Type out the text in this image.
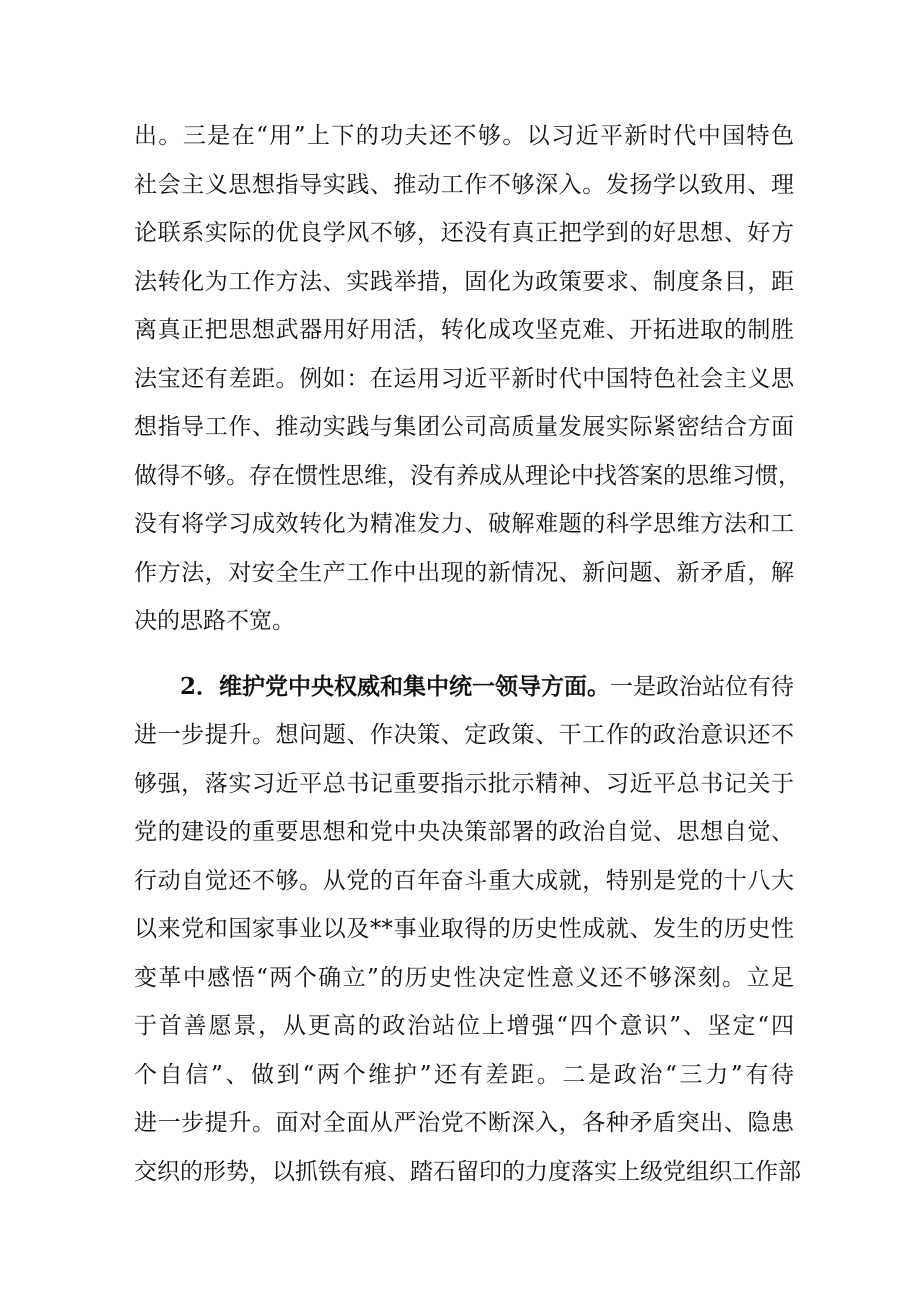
出。三是在“用”上下的功夫还不够。以习近平新时代中国特色
社会主义思想指导实践、推动工作不够深入。发扬学以致用、理
论联系实际的优良学风不够，还没有真正把学到的好思想、好方
法转化为工作方法、实践举措，固化为政策要求、制度条目，距
离真正把思想武器用好用活，转化成攻坚克难、开拓进取的制胜
法宝还有差距。例如：在运用习近平新时代中国特色社会主义思
想指导工作、推动实践与集团公司高质量发展实际紧密结合方面
做得不够。存在惯性思维，没有养成从理论中找答案的思维习惯，
没有将学习成效转化为精准发力、破解难题的科学思维方法和工
作方法，对安全生产工作中出现的新情况、新问题、新矛盾，解
决的思路不宽。
2．维护党中央权威和集中统一领导方面。一是政治站位有待
进一步提升。想问题、作决策、定政策、干工作的政治意识还不
够强，落实习近平总书记重要指示批示精神、习近平总书记关于
党的建设的重要思想和党中央决策部署的政治自觉、思想自觉、
行动自觉还不够。从党的百年奋斗重大成就，特别是党的十八大
以来党和国家事业以及**事业取得的历史性成就、发生的历史性
变革中感悟“两个确立”的历史性决定性意义还不够深刻。立足
于首善愿景，从更高的政治站位上增强“四个意识”、坚定“四
个自信”、做到“两个维护”还有差距。二是政治“三力”有待
进一步提升。面对全面从严治党不断深入，各种矛盾突出、隐患
交织的形势，以抓铁有痕、踏石留印的力度落实上级党组织工作部
